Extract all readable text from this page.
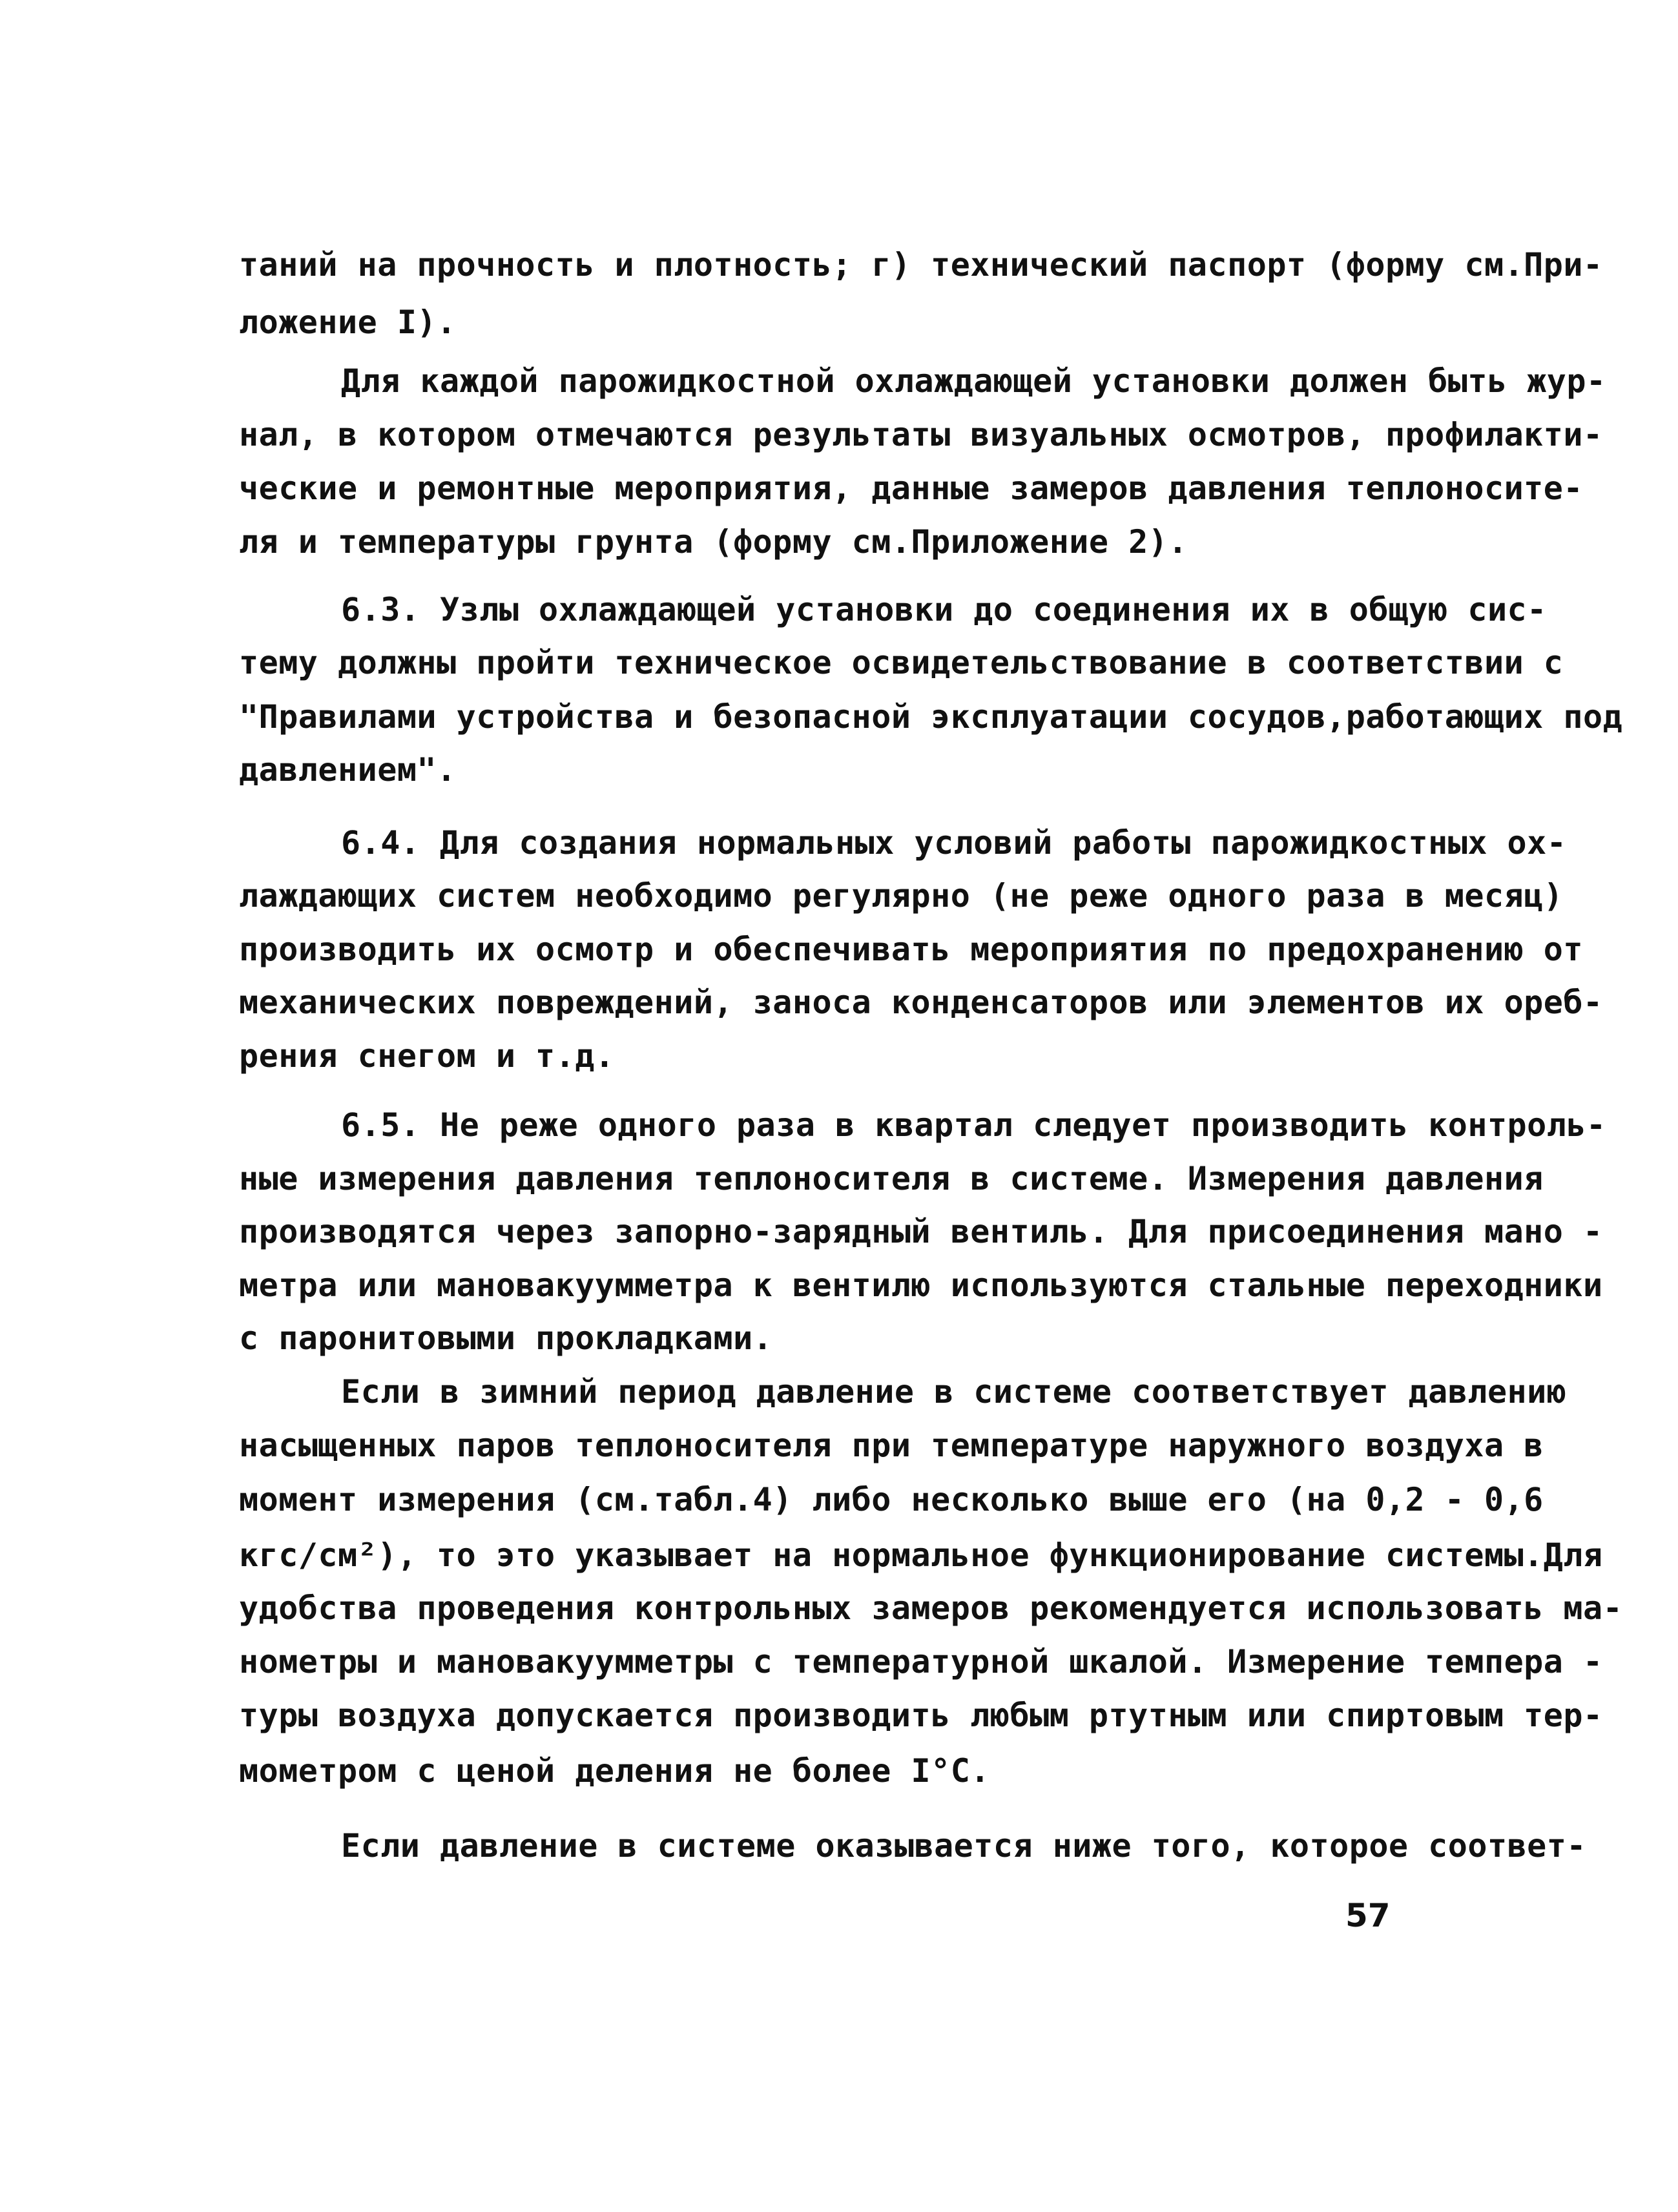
таний на прочность и плотность; г) технический паспорт (форму см.При-
ложение I).
Для каждой парожидкостной охлаждающей установки должен быть жур-
нал, в котором отмечаются результаты визуальных осмотров, профилакти-
ческие и ремонтные мероприятия, данные замеров давления теплоносите-
ля и температуры грунта (форму см.Приложение 2).
6.3. Узлы охлаждающей установки до соединения их в общую сис-
тему должны пройти техническое освидетельствование в соответствии с
"Правилами устройства и безопасной эксплуатации сосудов,работающих под
давлением".
6.4. Для создания нормальных условий работы парожидкостных ох-
лаждающих систем необходимо регулярно (не реже одного раза в месяц)
производить их осмотр и обеспечивать мероприятия по предохранению от
механических повреждений, заноса конденсаторов или элементов их ореб-
рения снегом и т.д.
6.5. Не реже одного раза в квартал следует производить контроль-
ные измерения давления теплоносителя в системе. Измерения давления
производятся через запорно-зарядный вентиль. Для присоединения мано -
метра или мановакуумметра к вентилю используются стальные переходники
с паронитовыми прокладками.
Если в зимний период давление в системе соответствует давлению
насыщенных паров теплоносителя при температуре наружного воздуха в
момент измерения (см.табл.4) либо несколько выше его (на 0,2 - 0,6
кгс/см²), то это указывает на нормальное функционирование системы.Для
удобства проведения контрольных замеров рекомендуется использовать ма-
нометры и мановакуумметры с температурной шкалой. Измерение темпера -
туры воздуха допускается производить любым ртутным или спиртовым тер-
мометром с ценой деления не более I°С.
Если давление в системе оказывается ниже того, которое соответ-
57
